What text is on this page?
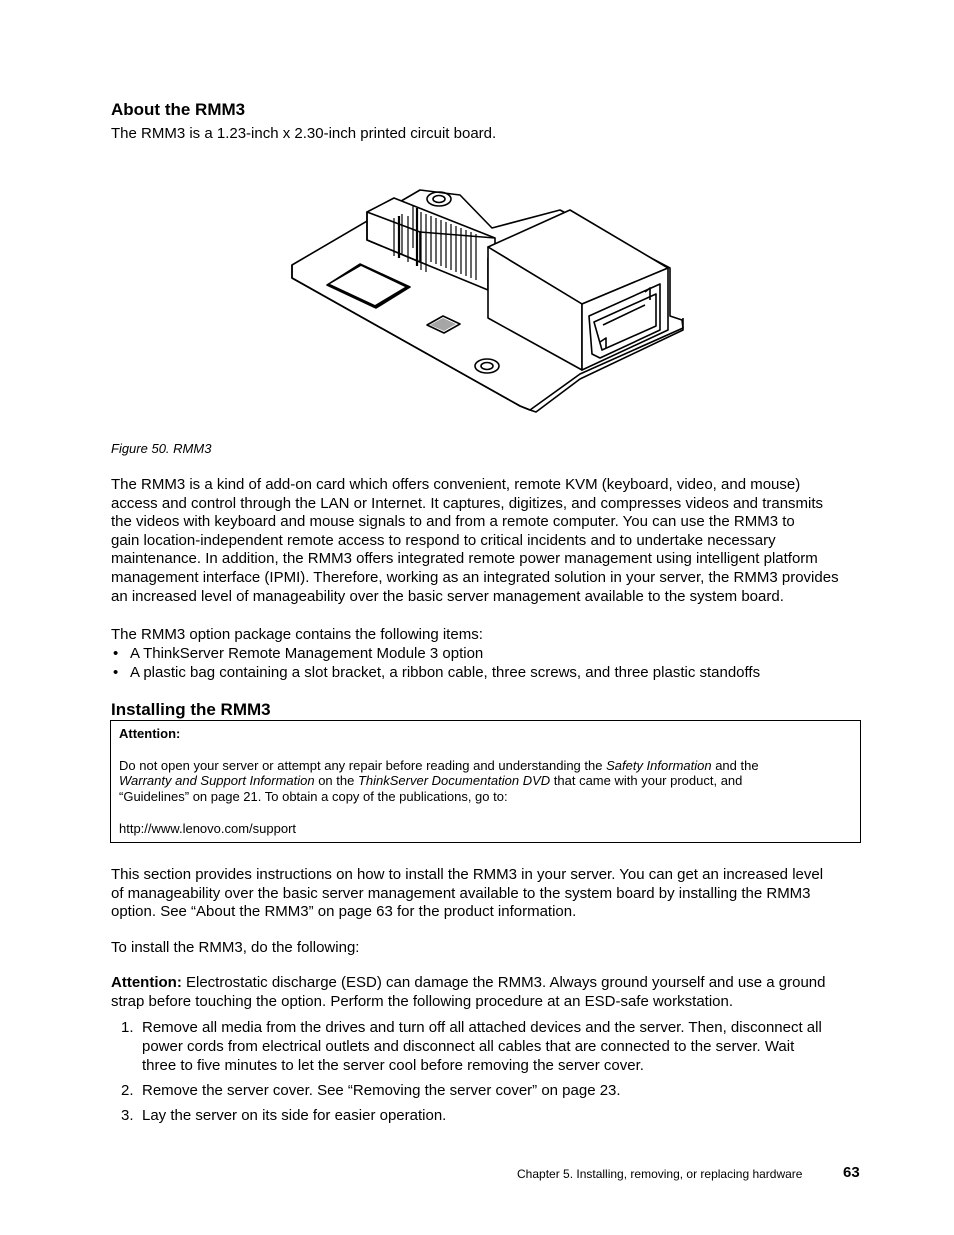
About the RMM3

The RMM3 is a 1.23-inch x 2.30-inch printed circuit board.

Figure 50. RMM3

The RMM3 is a kind of add-on card which offers convenient, remote KVM (keyboard, video, and mouse)

access and control through the LAN or Internet. It captures, digitizes, and compresses videos and transmits

the videos with keyboard and mouse signals to and from a remote computer. You can use the RMM3 to

gain location-independent remote access to respond to critical incidents and to undertake necessary

maintenance. In addition, the RMM3 offers integrated remote power management using intelligent platform

management interface (IPMI). Therefore, working as an integrated solution in your server, the RMM3 provides

an increased level of manageability over the basic server management available to the system board.

The RMM3 option package contains the following items:

• A ThinkServer Remote Management Module 3 option
• A plastic bag containing a slot bracket, a ribbon cable, three screws, and three plastic standoffs
Installing the RMM3
Attention:
Do not open your server or attempt any repair before reading and understanding the Safety Information and the
Warranty and Support Information on the ThinkServer Documentation DVD that came with your product, and
“Guidelines” on page 21. To obtain a copy of the publications, go to:
http://www.lenovo.com/support

This section provides instructions on how to install the RMM3 in your server. You can get an increased level

of manageability over the basic server management available to the system board by installing the RMM3

option. See “About the RMM3” on page 63 for the product information.

To install the RMM3, do the following:

Attention: Electrostatic discharge (ESD) can damage the RMM3. Always ground yourself and use a ground

strap before touching the option. Perform the following procedure at an ESD-safe workstation.

1. Remove all media from the drives and turn off all attached devices and the server. Then, disconnect all
power cords from electrical outlets and disconnect all cables that are connected to the server. Wait
three to five minutes to let the server cool before removing the server cover.
2. Remove the server cover. See “Removing the server cover” on page 23.
3. Lay the server on its side for easier operation.
Chapter 5. Installing, removing, or replacing hardware	63
